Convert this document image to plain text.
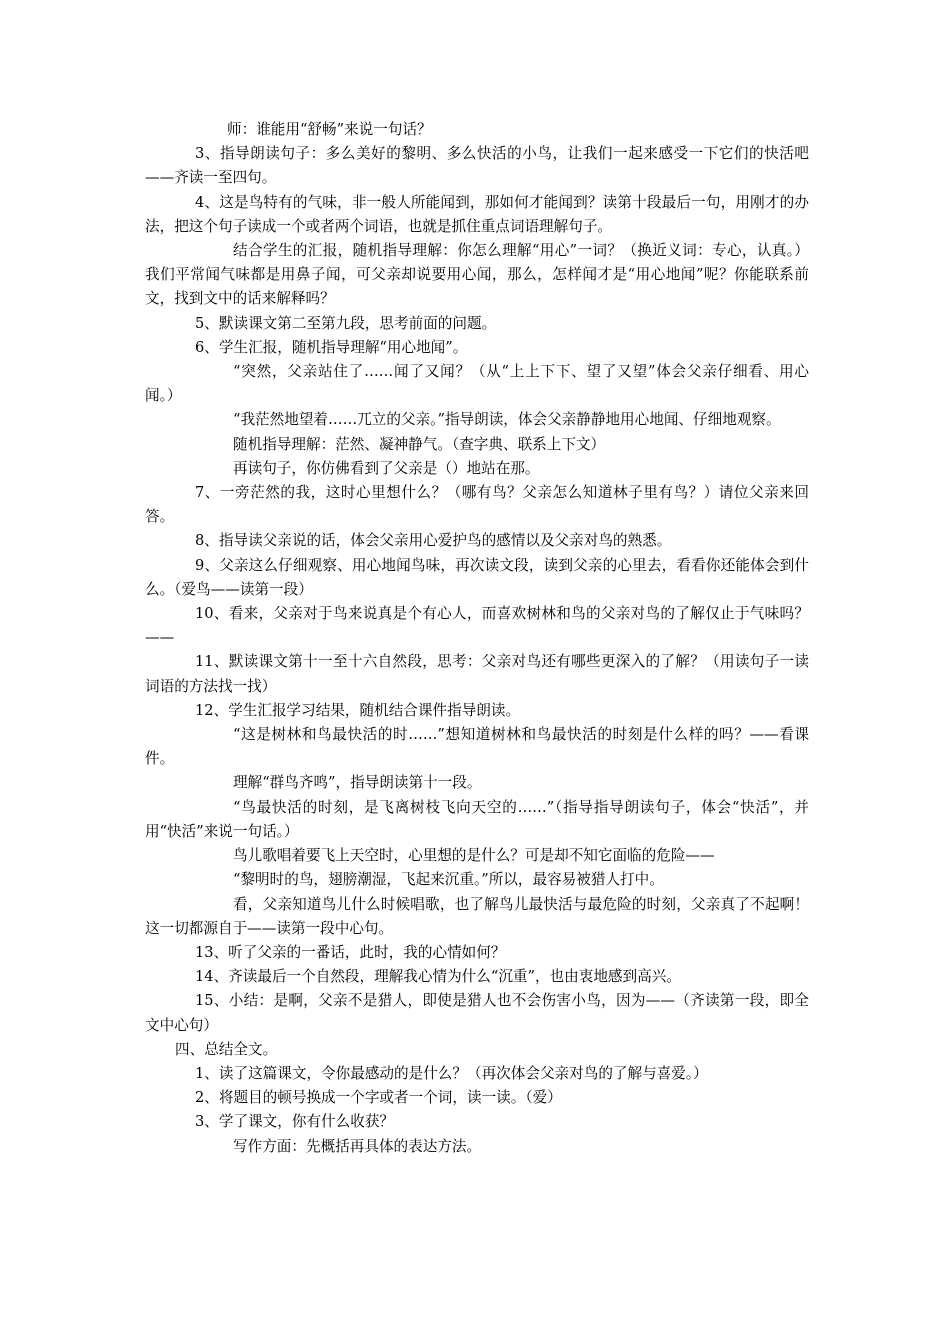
师：谁能用“舒畅”来说一句话？

3、指导朗读句子：多么美好的黎明、多么快活的小鸟，让我们一起来感受一下它们的快活吧——齐读一至四句。

4、这是鸟特有的气味，非一般人所能闻到，那如何才能闻到？读第十段最后一句，用刚才的办法，把这个句子读成一个或者两个词语，也就是抓住重点词语理解句子。

结合学生的汇报，随机指导理解：你怎么理解“用心”一词？（换近义词：专心，认真。）我们平常闻气味都是用鼻子闻，可父亲却说要用心闻，那么，怎样闻才是“用心地闻”呢？你能联系前文，找到文中的话来解释吗？

5、默读课文第二至第九段，思考前面的问题。

6、学生汇报，随机指导理解“用心地闻”。

“突然，父亲站住了……闻了又闻？（从“上上下下、望了又望”体会父亲仔细看、用心闻。）

“我茫然地望着……兀立的父亲。”指导朗读，体会父亲静静地用心地闻、仔细地观察。

随机指导理解：茫然、凝神静气。（查字典、联系上下文）

再读句子，你仿佛看到了父亲是（）地站在那。

7、一旁茫然的我，这时心里想什么？（哪有鸟？父亲怎么知道林子里有鸟？）请位父亲来回答。

8、指导读父亲说的话，体会父亲用心爱护鸟的感情以及父亲对鸟的熟悉。

9、父亲这么仔细观察、用心地闻鸟味，再次读文段，读到父亲的心里去，看看你还能体会到什么。（爱鸟——读第一段）

10、看来，父亲对于鸟来说真是个有心人，而喜欢树林和鸟的父亲对鸟的了解仅止于气味吗？——

11、默读课文第十一至十六自然段，思考：父亲对鸟还有哪些更深入的了解？（用读句子一读词语的方法找一找）

12、学生汇报学习结果，随机结合课件指导朗读。

“这是树林和鸟最快活的时……”想知道树林和鸟最快活的时刻是什么样的吗？——看课件。

理解“群鸟齐鸣”，指导朗读第十一段。

“鸟最快活的时刻，是飞离树枝飞向天空的……”（指导指导朗读句子，体会“快活”，并用“快活”来说一句话。）

鸟儿歌唱着要飞上天空时，心里想的是什么？可是却不知它面临的危险——

“黎明时的鸟，翅膀潮湿，飞起来沉重。”所以，最容易被猎人打中。

看，父亲知道鸟儿什么时候唱歌，也了解鸟儿最快活与最危险的时刻，父亲真了不起啊！这一切都源自于——读第一段中心句。

13、听了父亲的一番话，此时，我的心情如何？

14、齐读最后一个自然段，理解我心情为什么“沉重”，也由衷地感到高兴。

15、小结：是啊，父亲不是猎人，即使是猎人也不会伤害小鸟，因为——（齐读第一段，即全文中心句）

四、总结全文。

1、读了这篇课文，令你最感动的是什么？（再次体会父亲对鸟的了解与喜爱。）

2、将题目的顿号换成一个字或者一个词，读一读。（爱）

3、学了课文，你有什么收获？

写作方面：先概括再具体的表达方法。
